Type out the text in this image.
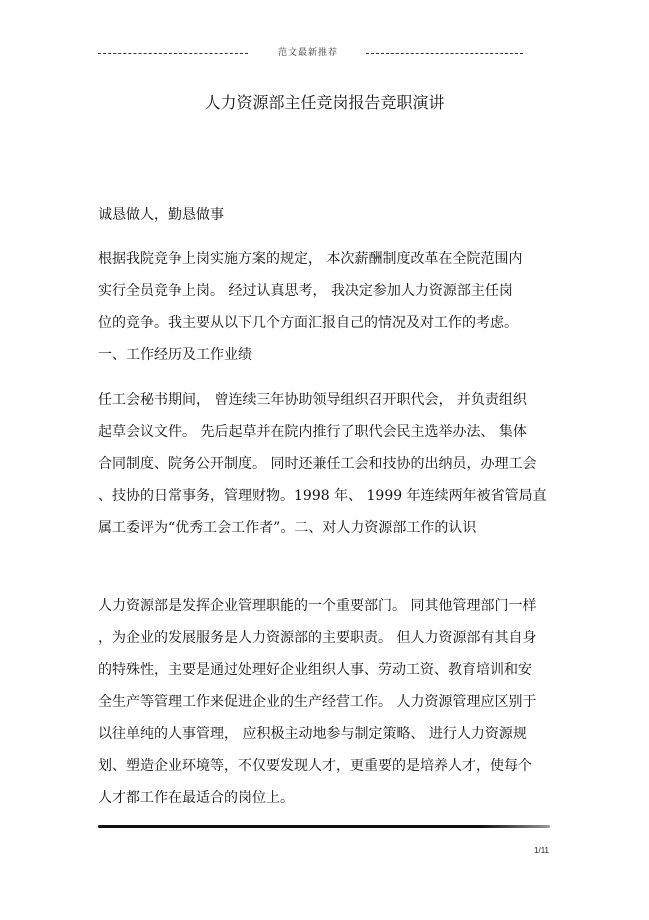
范文最新推荐
人力资源部主任竞岗报告竞职演讲
诚恳做人，勤恳做事
根据我院竞争上岗实施方案的规定， 本次薪酬制度改革在全院范围内
实行全员竞争上岗。 经过认真思考， 我决定参加人力资源部主任岗
位的竞争。我主要从以下几个方面汇报自己的情况及对工作的考虑。
一、工作经历及工作业绩
任工会秘书期间， 曾连续三年协助领导组织召开职代会， 并负责组织
起草会议文件。 先后起草并在院内推行了职代会民主选举办法、 集体
合同制度、院务公开制度。 同时还兼任工会和技协的出纳员，办理工会
、技协的日常事务，管理财物。1998 年、 1999 年连续两年被省管局直
属工委评为“优秀工会工作者”。二、对人力资源部工作的认识
人力资源部是发挥企业管理职能的一个重要部门。 同其他管理部门一样
，为企业的发展服务是人力资源部的主要职责。 但人力资源部有其自身
的特殊性，主要是通过处理好企业组织人事、劳动工资、教育培训和安
全生产等管理工作来促进企业的生产经营工作。 人力资源管理应区别于
以往单纯的人事管理， 应积极主动地参与制定策略、 进行人力资源规
划、塑造企业环境等，不仅要发现人才，更重要的是培养人才，使每个
人才都工作在最适合的岗位上。
1/11
